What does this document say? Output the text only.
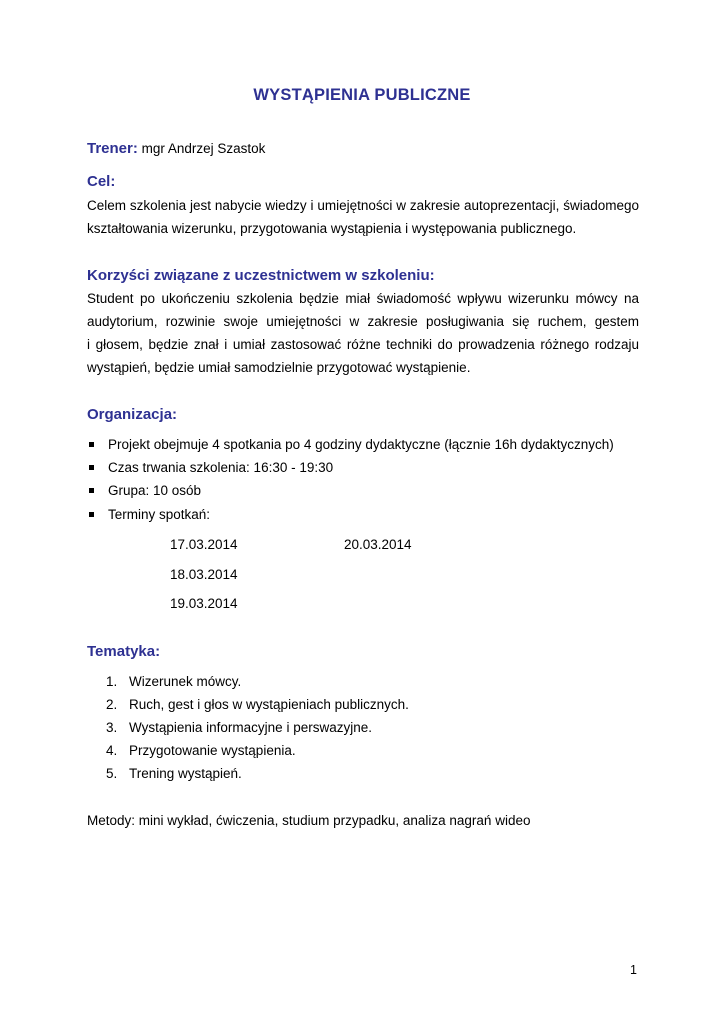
WYSTĄPIENIA PUBLICZNE
Trener: mgr Andrzej Szastok
Cel:
Celem szkolenia jest nabycie wiedzy i umiejętności w zakresie autoprezentacji, świadomego
kształtowania wizerunku, przygotowania wystąpienia i występowania publicznego.
Korzyści związane z uczestnictwem w szkoleniu:
Student po ukończeniu szkolenia będzie miał świadomość wpływu wizerunku mówcy na
audytorium, rozwinie swoje umiejętności w zakresie posługiwania się ruchem, gestem
i głosem, będzie znał i umiał zastosować różne techniki do prowadzenia różnego rodzaju
wystąpień, będzie umiał samodzielnie przygotować wystąpienie.
Organizacja:
Projekt obejmuje 4 spotkania po 4 godziny dydaktyczne (łącznie 16h dydaktycznych)
Czas trwania szkolenia: 16:30 - 19:30
Grupa: 10 osób
Terminy spotkań:
17.03.2014	20.03.2014
18.03.2014
19.03.2014
Tematyka:
1. Wizerunek mówcy.
2. Ruch, gest i głos w wystąpieniach publicznych.
3. Wystąpienia informacyjne i perswazyjne.
4. Przygotowanie wystąpienia.
5. Trening wystąpień.
Metody: mini wykład, ćwiczenia, studium przypadku, analiza nagrań wideo
1
